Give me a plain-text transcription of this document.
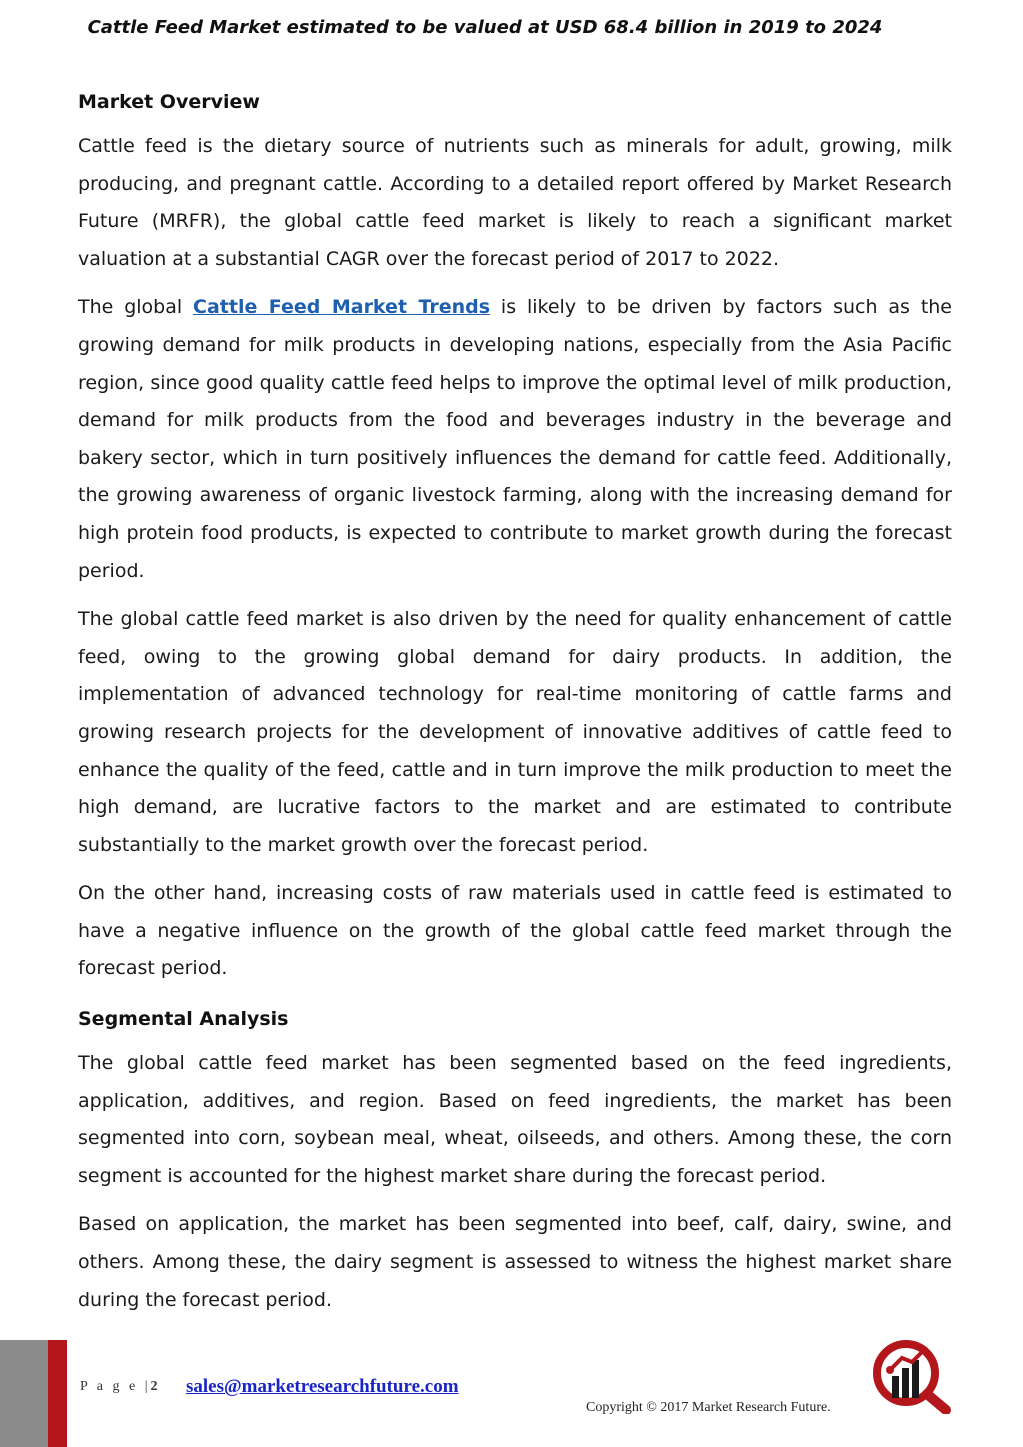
Cattle Feed Market estimated to be valued at USD 68.4 billion in 2019 to 2024
Market Overview

Cattle feed is the dietary source of nutrients such as minerals for adult, growing, milk producing, and pregnant cattle. According to a detailed report offered by Market Research Future (MRFR), the global cattle feed market is likely to reach a significant market valuation at a substantial CAGR over the forecast period of 2017 to 2022.

The global Cattle Feed Market Trends is likely to be driven by factors such as the growing demand for milk products in developing nations, especially from the Asia Pacific region, since good quality cattle feed helps to improve the optimal level of milk production, demand for milk products from the food and beverages industry in the beverage and bakery sector, which in turn positively influences the demand for cattle feed. Additionally, the growing awareness of organic livestock farming, along with the increasing demand for high protein food products, is expected to contribute to market growth during the forecast period.

The global cattle feed market is also driven by the need for quality enhancement of cattle feed, owing to the growing global demand for dairy products. In addition, the implementation of advanced technology for real-time monitoring of cattle farms and growing research projects for the development of innovative additives of cattle feed to enhance the quality of the feed, cattle and in turn improve the milk production to meet the high demand, are lucrative factors to the market and are estimated to contribute substantially to the market growth over the forecast period.

On the other hand, increasing costs of raw materials used in cattle feed is estimated to have a negative influence on the growth of the global cattle feed market through the forecast period.

Segmental Analysis

The global cattle feed market has been segmented based on the feed ingredients, application, additives, and region. Based on feed ingredients, the market has been segmented into corn, soybean meal, wheat, oilseeds, and others. Among these, the corn segment is accounted for the highest market share during the forecast period.

Based on application, the market has been segmented into beef, calf, dairy, swine, and others. Among these, the dairy segment is assessed to witness the highest market share during the forecast period.

P a g e |2 sales@marketresearchfuture.com
Copyright © 2017 Market Research Future.
